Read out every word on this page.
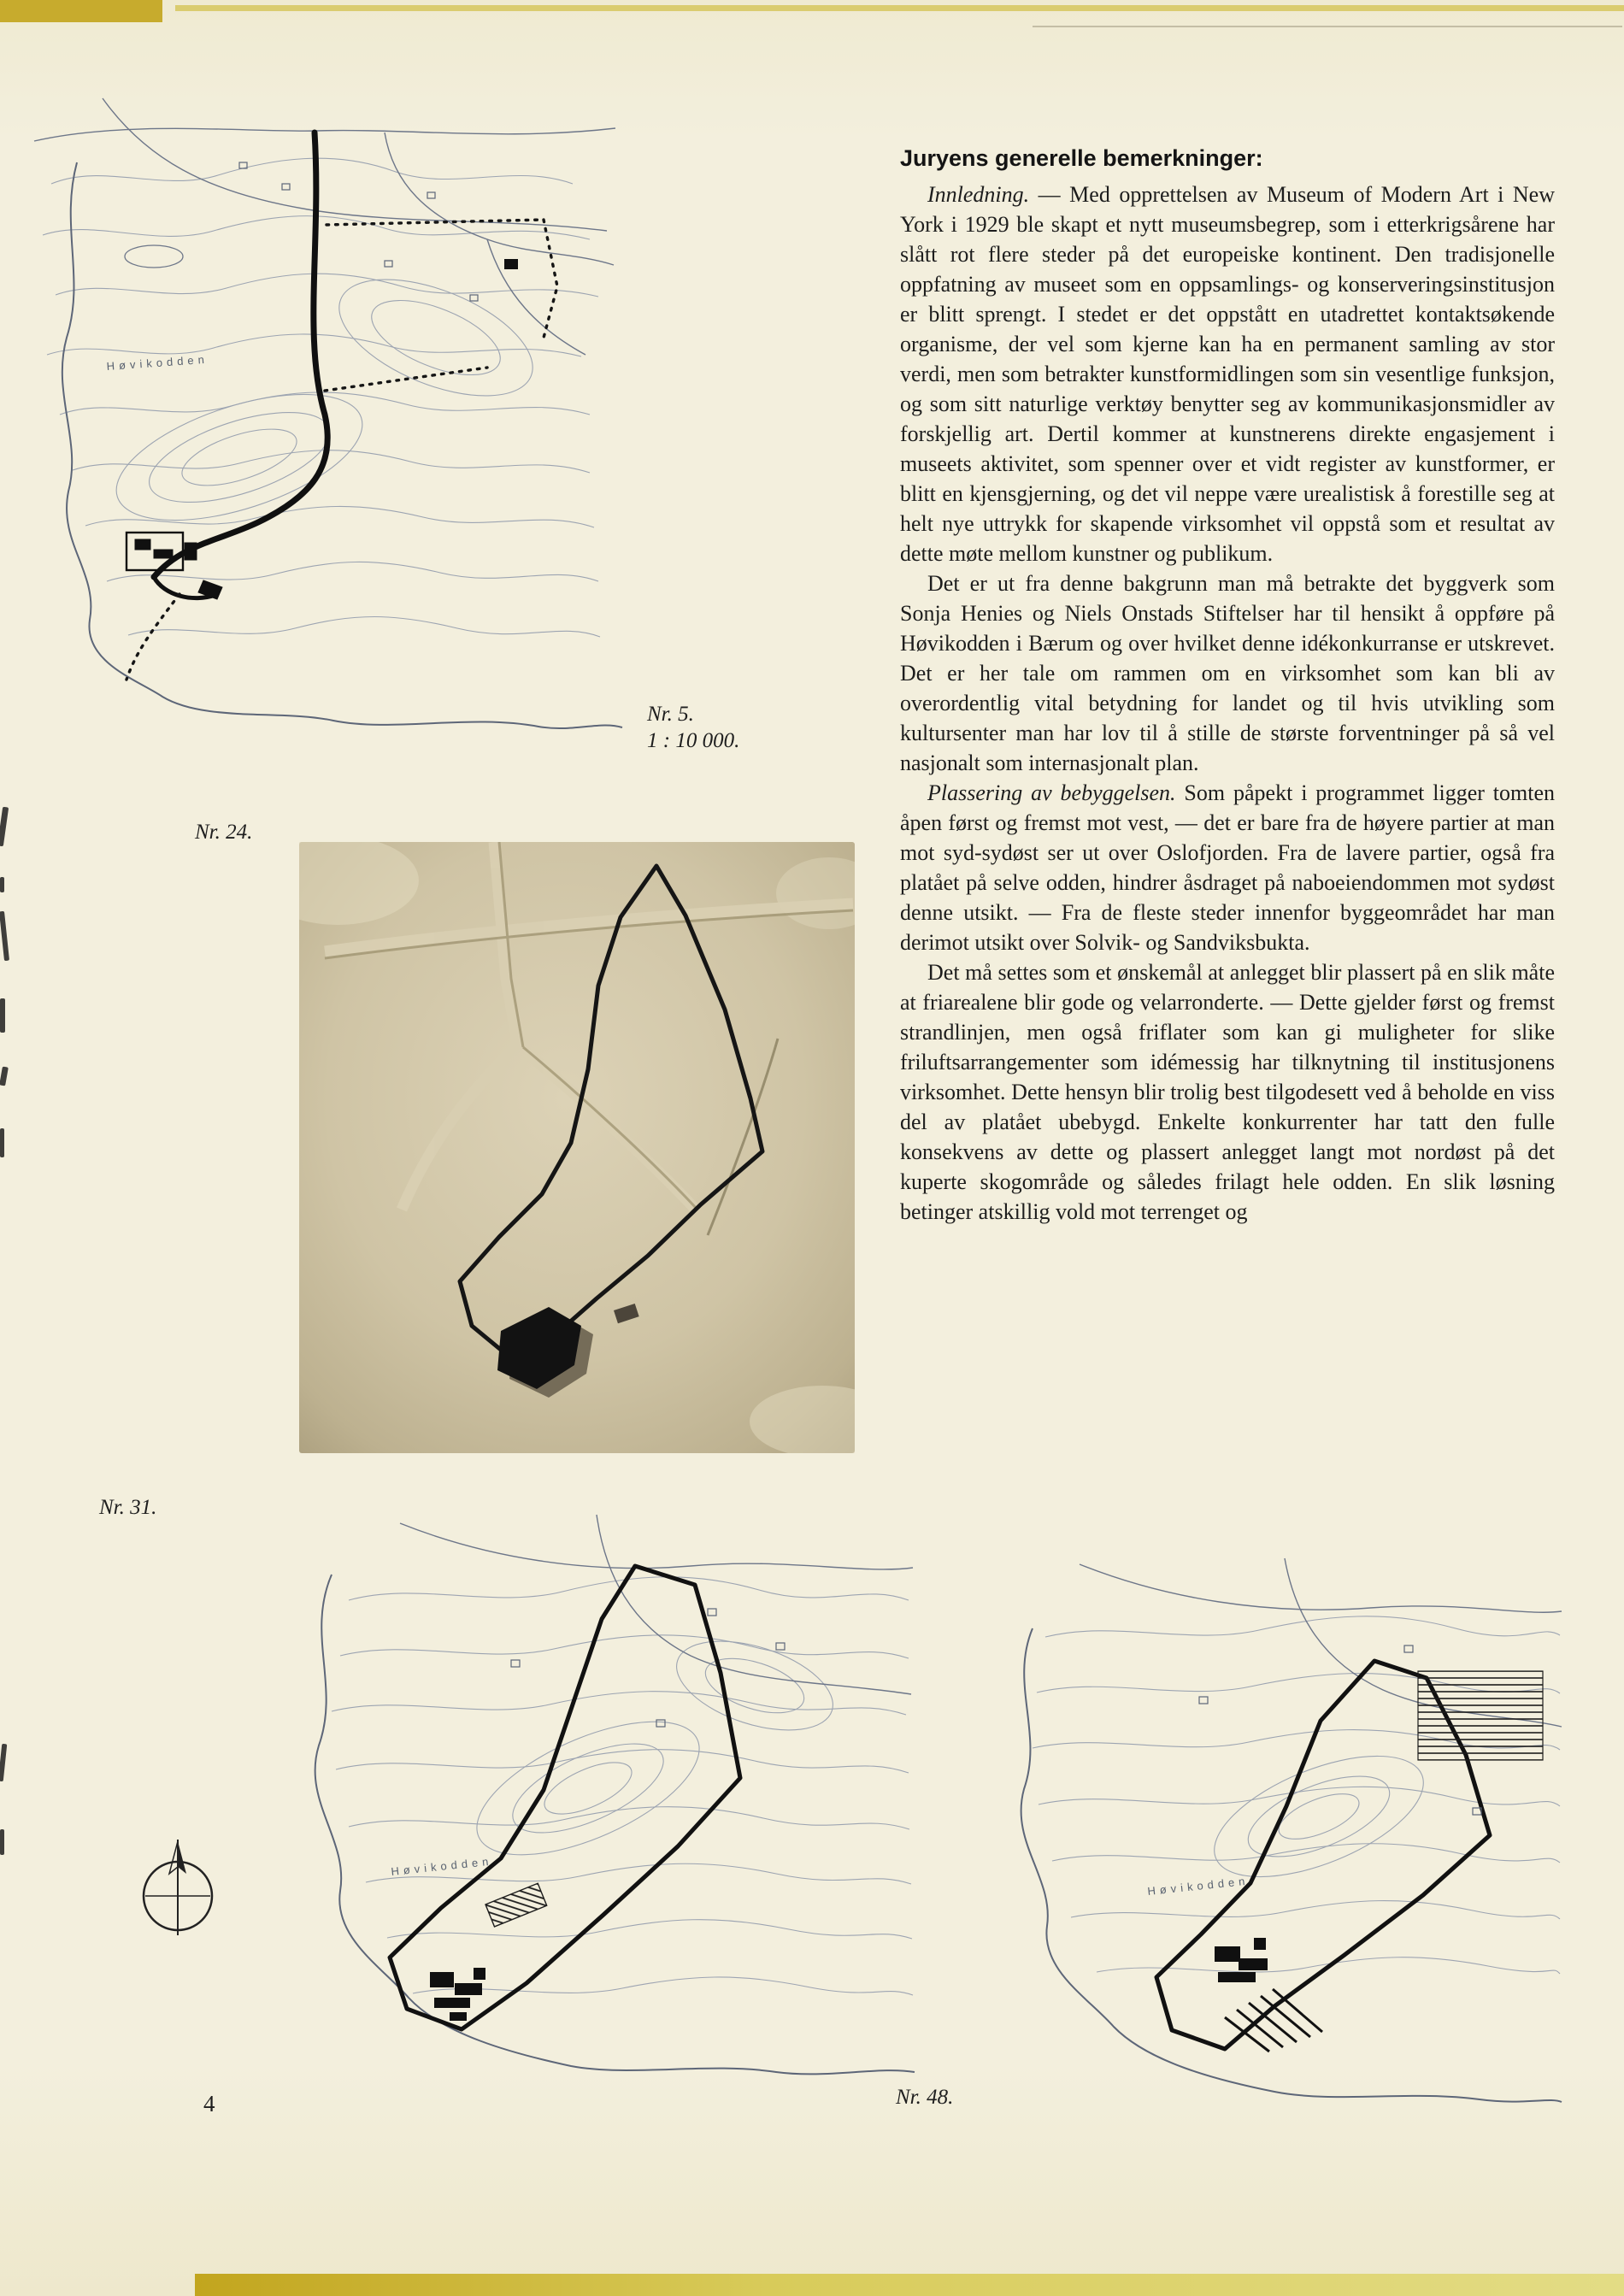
Høvikodden
Nr. 5.
1 : 10 000.
Nr. 24.
Nr. 31.
Høvikodden
Høvikodden
Nr. 48.
4
Juryens generelle bemerkninger:

Innledning. — Med opprettelsen av Museum of Modern Art i New York i 1929 ble skapt et nytt museumsbegrep, som i etterkrigsårene har slått rot flere steder på det europeiske kontinent. Den tradisjonelle oppfatning av museet som en oppsamlings- og konserveringsinstitusjon er blitt sprengt. I stedet er det oppstått en utadrettet kontaktsøkende organisme, der vel som kjerne kan ha en permanent samling av stor verdi, men som betrakter kunstformidlingen som sin vesentlige funksjon, og som sitt naturlige verktøy benytter seg av kommunikasjonsmidler av forskjellig art. Dertil kommer at kunstnerens direkte engasjement i museets aktivitet, som spenner over et vidt register av kunstformer, er blitt en kjensgjerning, og det vil neppe være urealistisk å forestille seg at helt nye uttrykk for skapende virksomhet vil oppstå som et resultat av dette møte mellom kunstner og publikum.

Det er ut fra denne bakgrunn man må betrakte det byggverk som Sonja Henies og Niels Onstads Stiftelser har til hensikt å oppføre på Høvikodden i Bærum og over hvilket denne idékonkurranse er utskrevet. Det er her tale om rammen om en virksomhet som kan bli av overordentlig vital betydning for landet og til hvis utvikling som kultursenter man har lov til å stille de største forventninger på så vel nasjonalt som internasjonalt plan.

Plassering av bebyggelsen. Som påpekt i programmet ligger tomten åpen først og fremst mot vest, — det er bare fra de høyere partier at man mot syd-sydøst ser ut over Oslofjorden. Fra de lavere partier, også fra platået på selve odden, hindrer åsdraget på naboeiendommen mot sydøst denne utsikt. — Fra de fleste steder innenfor byggeområdet har man derimot utsikt over Solvik- og Sandviksbukta.

Det må settes som et ønskemål at anlegget blir plassert på en slik måte at friarealene blir gode og velarronderte. — Dette gjelder først og fremst strandlinjen, men også friflater som kan gi muligheter for slike friluftsarrangementer som idémessig har tilknytning til institusjonens virksomhet. Dette hensyn blir trolig best tilgodesett ved å beholde en viss del av platået ubebygd. Enkelte konkurrenter har tatt den fulle konsekvens av dette og plassert anlegget langt mot nordøst på det kuperte skogområde og således frilagt hele odden. En slik løsning betinger atskillig vold mot terrenget og
